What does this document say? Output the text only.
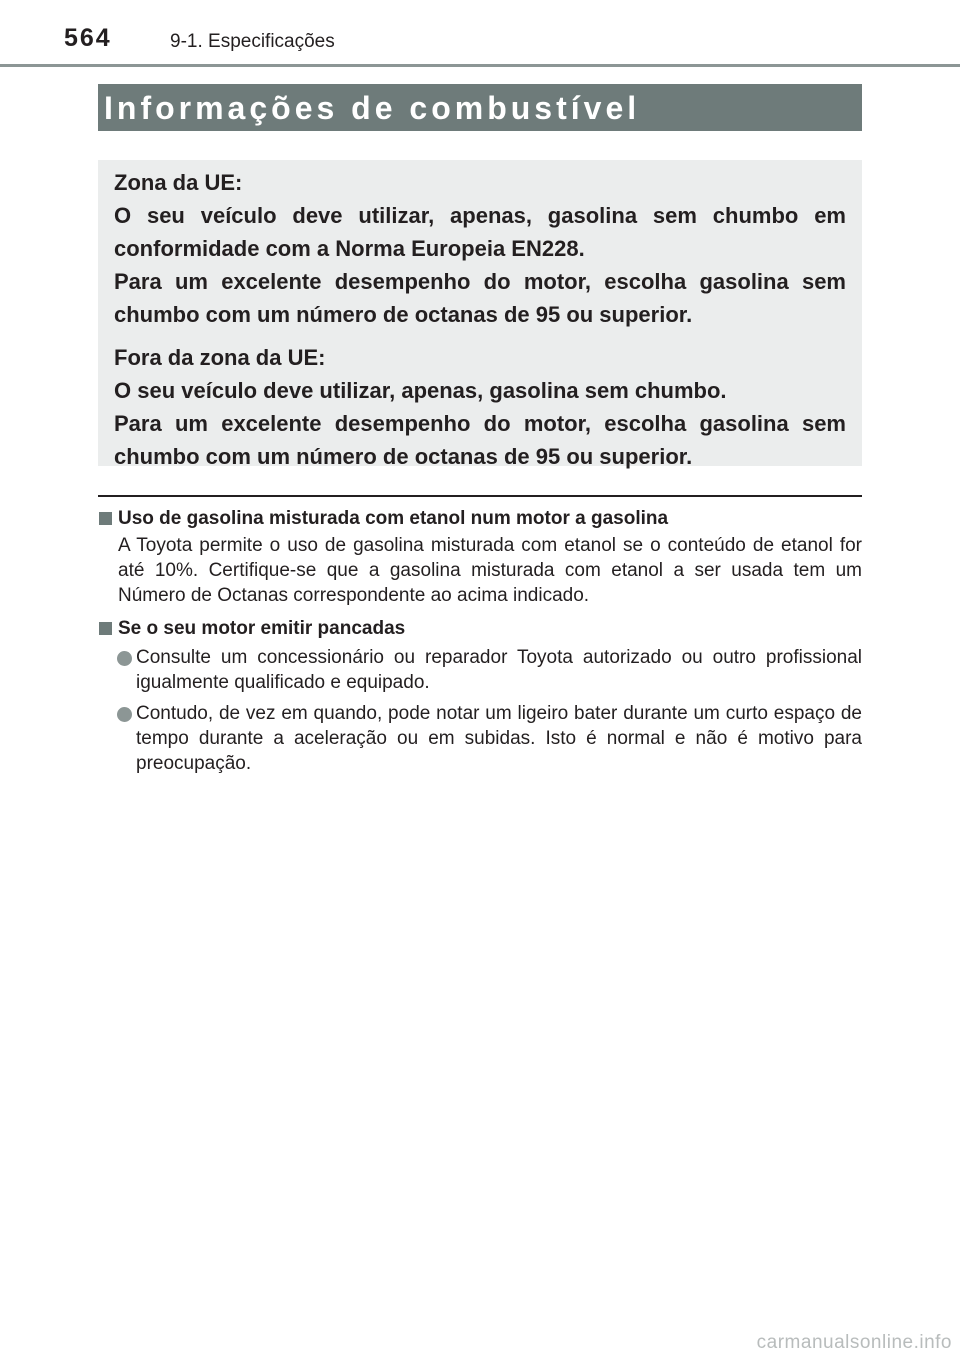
564	9-1. Especificações
Informações de combustível

Zona da UE:

O seu veículo deve utilizar, apenas, gasolina sem chumbo em conformidade com a Norma Europeia EN228.

Para um excelente desempenho do motor, escolha gasolina sem chumbo com um número de octanas de 95 ou superior.

Fora da zona da UE:

O seu veículo deve utilizar, apenas, gasolina sem chumbo.

Para um excelente desempenho do motor, escolha gasolina sem chumbo com um número de octanas de 95 ou superior.

Uso de gasolina misturada com etanol num motor a gasolina
A Toyota permite o uso de gasolina misturada com etanol se o conteúdo de etanol for até 10%. Certifique-se que a gasolina misturada com etanol a ser usada tem um Número de Octanas correspondente ao acima indicado.
Se o seu motor emitir pancadas
Consulte um concessionário ou reparador Toyota autorizado ou outro profissional igualmente qualificado e equipado.
Contudo, de vez em quando, pode notar um ligeiro bater durante um curto espaço de tempo durante a aceleração ou em subidas. Isto é normal e não é motivo para preocupação.
carmanualsonline.info
